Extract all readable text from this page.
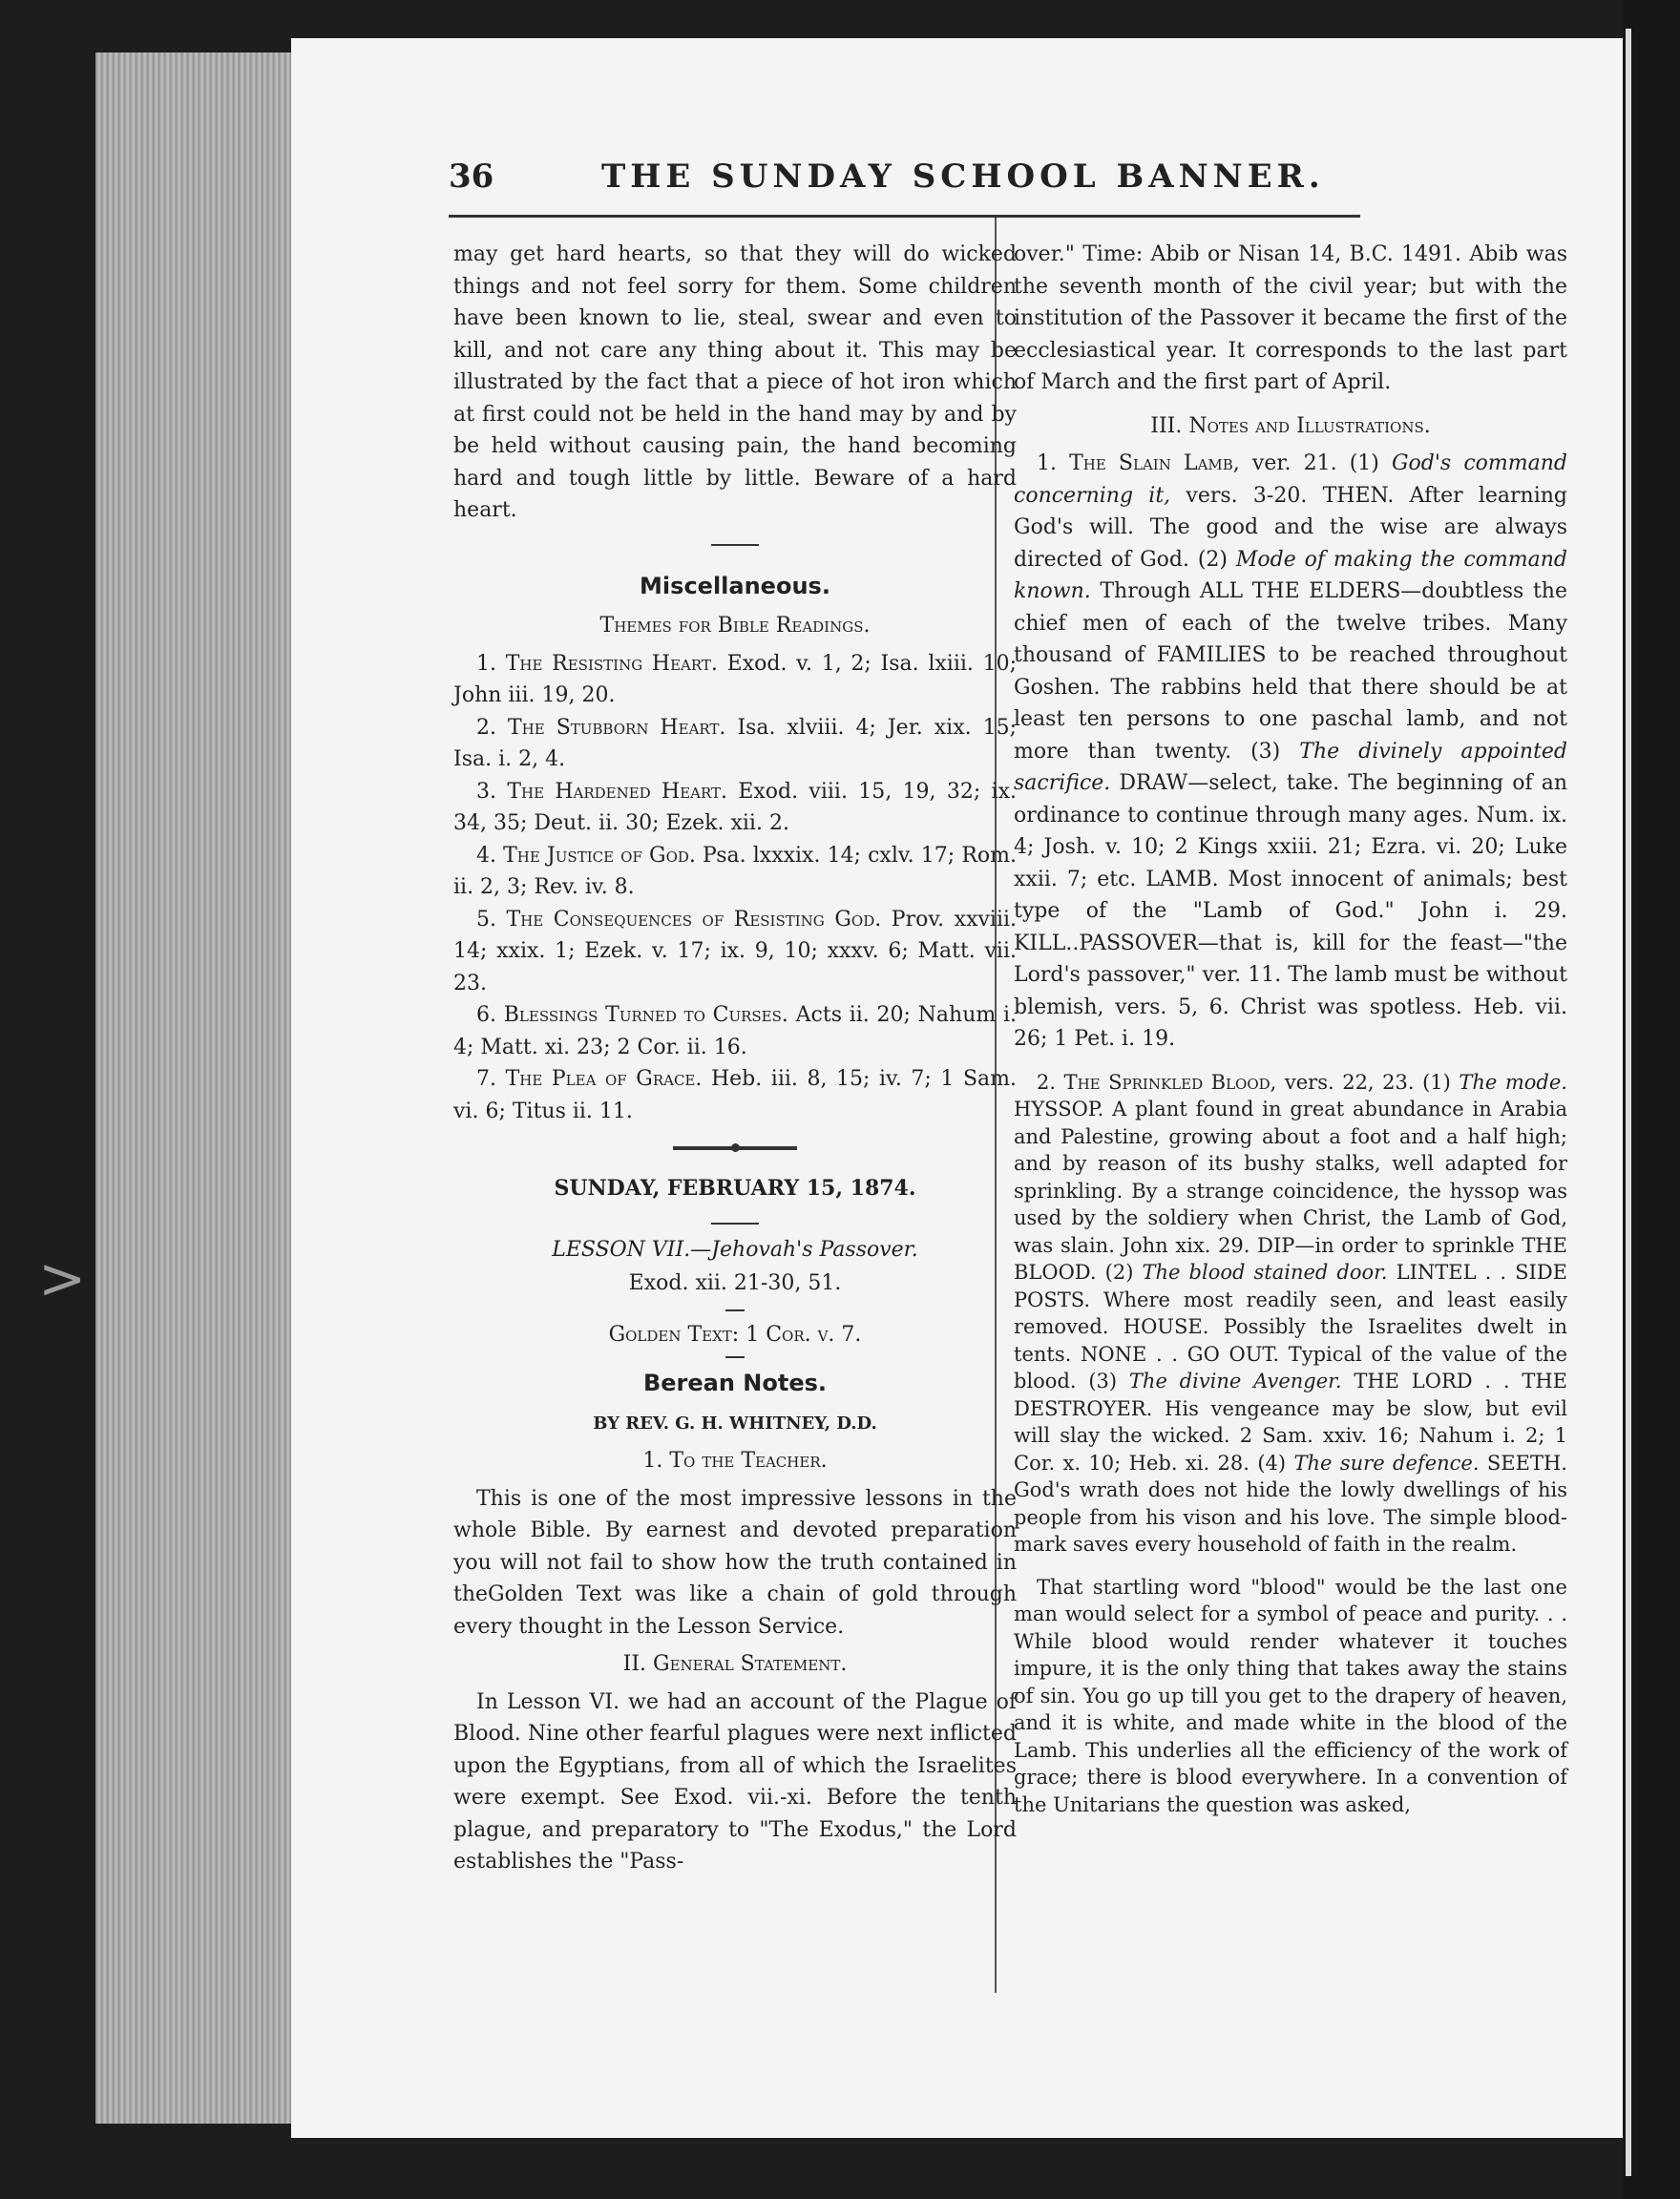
>
36	THE SUNDAY SCHOOL BANNER.

may get hard hearts, so that they will do wicked things and not feel sorry for them. Some children have been known to lie, steal, swear and even to kill, and not care any thing about it. This may be illustrated by the fact that a piece of hot iron which at first could not be held in the hand may by and by be held without causing pain, the hand becoming hard and tough little by little. Beware of a hard heart.

Miscellaneous.
Themes for Bible Readings.

1. The Resisting Heart. Exod. v. 1, 2; Isa. lxiii. 10; John iii. 19, 20.

2. The Stubborn Heart. Isa. xlviii. 4; Jer. xix. 15; Isa. i. 2, 4.

3. The Hardened Heart. Exod. viii. 15, 19, 32; ix. 34, 35; Deut. ii. 30; Ezek. xii. 2.

4. The Justice of God. Psa. lxxxix. 14; cxlv. 17; Rom. ii. 2, 3; Rev. iv. 8.

5. The Consequences of Resisting God. Prov. xxviii. 14; xxix. 1; Ezek. v. 17; ix. 9, 10; xxxv. 6; Matt. vii. 23.

6. Blessings Turned to Curses. Acts ii. 20; Nahum i. 4; Matt. xi. 23; 2 Cor. ii. 16.

7. The Plea of Grace. Heb. iii. 8, 15; iv. 7; 1 Sam. vi. 6; Titus ii. 11.

SUNDAY, FEBRUARY 15, 1874.
LESSON VII.—Jehovah's Passover.
Exod. xii. 21-30, 51.
Golden Text: 1 Cor. v. 7.
Berean Notes.
BY REV. G. H. WHITNEY, D.D.
1. To the Teacher.

This is one of the most impressive lessons in the whole Bible. By earnest and devoted preparation you will not fail to show how the truth contained in theGolden Text was like a chain of gold through every thought in the Lesson Service.

II. General Statement.

In Lesson VI. we had an account of the Plague of Blood. Nine other fearful plagues were next inflicted upon the Egyptians, from all of which the Israelites were exempt. See Exod. vii.-xi. Before the tenth plague, and preparatory to "The Exodus," the Lord establishes the "Pass-

over." Time: Abib or Nisan 14, B.C. 1491. Abib was the seventh month of the civil year; but with the institution of the Passover it became the first of the ecclesiastical year. It corresponds to the last part of March and the first part of April.

III. Notes and Illustrations.

1. The Slain Lamb, ver. 21. (1) God's command concerning it, vers. 3-20. THEN. After learning God's will. The good and the wise are always directed of God. (2) Mode of making the command known. Through ALL THE ELDERS—doubtless the chief men of each of the twelve tribes. Many thousand of FAMILIES to be reached throughout Goshen. The rabbins held that there should be at least ten persons to one paschal lamb, and not more than twenty. (3) The divinely appointed sacrifice. DRAW—select, take. The beginning of an ordinance to continue through many ages. Num. ix. 4; Josh. v. 10; 2 Kings xxiii. 21; Ezra. vi. 20; Luke xxii. 7; etc. LAMB. Most innocent of animals; best type of the "Lamb of God." John i. 29. KILL..PASSOVER—that is, kill for the feast—"the Lord's passover," ver. 11. The lamb must be without blemish, vers. 5, 6. Christ was spotless. Heb. vii. 26; 1 Pet. i. 19.

2. The Sprinkled Blood, vers. 22, 23. (1) The mode. HYSSOP. A plant found in great abundance in Arabia and Palestine, growing about a foot and a half high; and by reason of its bushy stalks, well adapted for sprinkling. By a strange coincidence, the hyssop was used by the soldiery when Christ, the Lamb of God, was slain. John xix. 29. DIP—in order to sprinkle THE BLOOD. (2) The blood stained door. LINTEL . . SIDE POSTS. Where most readily seen, and least easily removed. HOUSE. Possibly the Israelites dwelt in tents. NONE . . GO OUT. Typical of the value of the blood. (3) The divine Avenger. THE LORD . . THE DESTROYER. His vengeance may be slow, but evil will slay the wicked. 2 Sam. xxiv. 16; Nahum i. 2; 1 Cor. x. 10; Heb. xi. 28. (4) The sure defence. SEETH. God's wrath does not hide the lowly dwellings of his people from his vison and his love. The simple blood-mark saves every household of faith in the realm.

That startling word "blood" would be the last one man would select for a symbol of peace and purity. . . While blood would render whatever it touches impure, it is the only thing that takes away the stains of sin. You go up till you get to the drapery of heaven, and it is white, and made white in the blood of the Lamb. This underlies all the efficiency of the work of grace; there is blood everywhere. In a convention of the Unitarians the question was asked,
